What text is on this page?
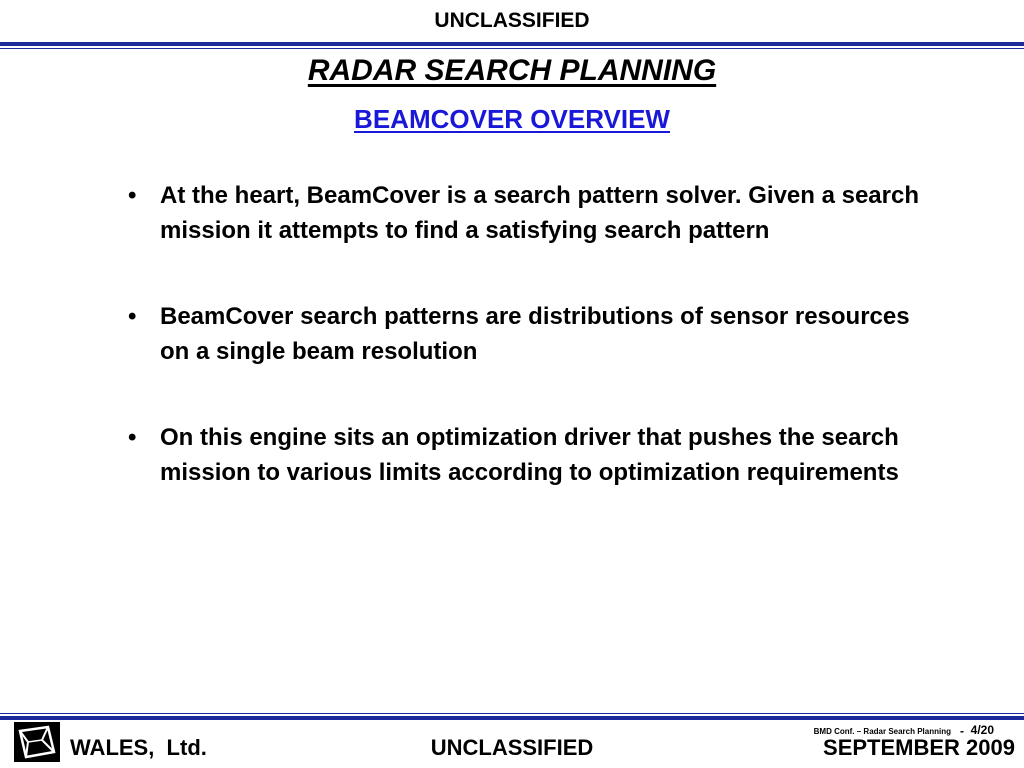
UNCLASSIFIED
RADAR SEARCH PLANNING
BEAMCOVER OVERVIEW
• At the heart, BeamCover is a search pattern solver. Given a search mission it attempts to find a satisfying search pattern
• BeamCover search patterns are distributions of sensor resources on a single beam resolution
• On this engine sits an optimization driver that pushes the search mission to various limits according to optimization requirements
WALES,  Ltd.	UNCLASSIFIED
BMD Conf. – Radar Search Planning - 4/20
SEPTEMBER 2009
